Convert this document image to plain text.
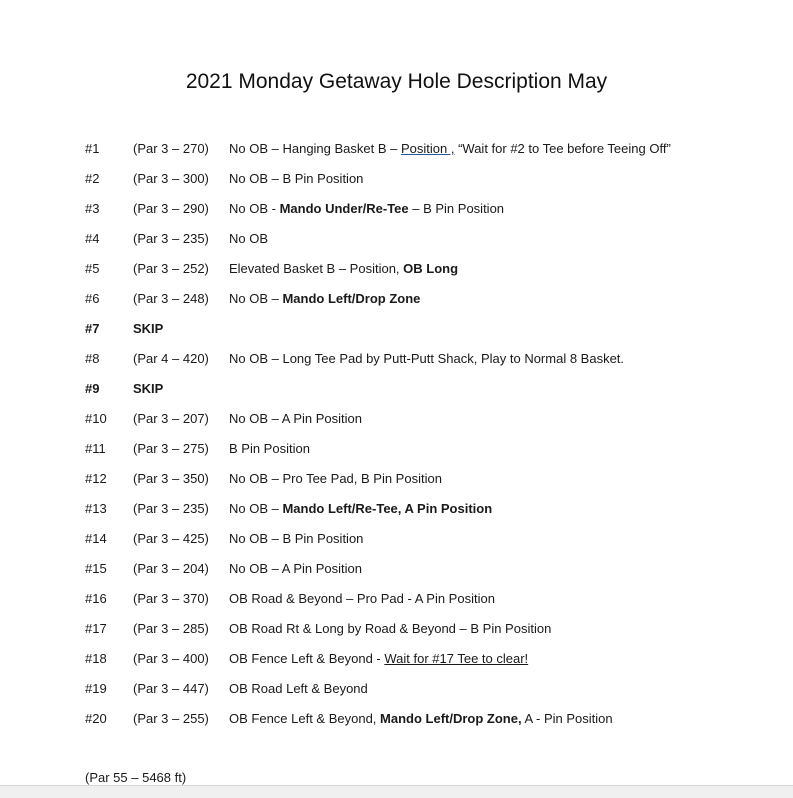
2021 Monday Getaway Hole Description May
#1	(Par 3 – 270) No OB – Hanging Basket B – Position , “Wait for #2 to Tee before Teeing Off”
#2	(Par 3 – 300) No OB – B Pin Position
#3	(Par 3 – 290) No OB - Mando Under/Re-Tee – B Pin Position
#4	(Par 3 – 235) No OB
#5	(Par 3 – 252) Elevated Basket B – Position, OB Long
#6	(Par 3 – 248) No OB – Mando Left/Drop Zone
#7	SKIP
#8	(Par 4 – 420) No OB – Long Tee Pad by Putt-Putt Shack, Play to Normal 8 Basket.
#9	SKIP
#10 (Par 3 – 207) No OB – A Pin Position
#11 (Par 3 – 275) B Pin Position
#12 (Par 3 – 350) No OB – Pro Tee Pad, B Pin Position
#13 (Par 3 – 235) No OB – Mando Left/Re-Tee, A Pin Position
#14 (Par 3 – 425) No OB – B Pin Position
#15 (Par 3 – 204) No OB – A Pin Position
#16 (Par 3 – 370) OB Road & Beyond – Pro Pad - A Pin Position
#17 (Par 3 – 285) OB Road Rt & Long by Road & Beyond – B Pin Position
#18 (Par 3 – 400) OB Fence Left & Beyond - Wait for #17 Tee to clear!
#19 (Par 3 – 447) OB Road Left & Beyond
#20 (Par 3 – 255) OB Fence Left & Beyond, Mando Left/Drop Zone, A - Pin Position
(Par 55 – 5468 ft)
